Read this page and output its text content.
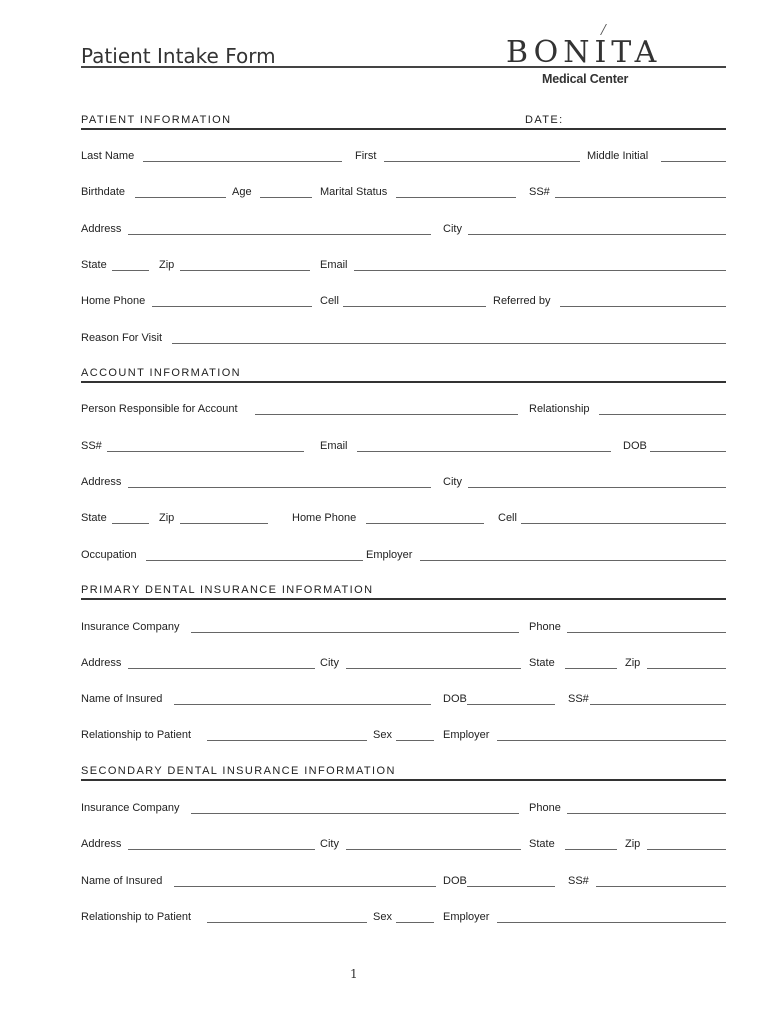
Patient Intake Form	BONITA
Medical Center
PATIENT INFORMATION	DATE:
Last Name	First	Middle Initial
Birthdate	Age	Marital Status	SS#
Address	City
State	Zip	Email
Home Phone	Cell	Referred by
Reason For Visit
ACCOUNT INFORMATION
Person Responsible for Account	Relationship
SS#	Email	DOB
Address	City
State	Zip	Home Phone	Cell
Occupation	Employer
PRIMARY DENTAL INSURANCE INFORMATION
Insurance Company	Phone
Address	City	State	Zip
Name of Insured	DOB	SS#
Relationship to Patient	Sex	Employer
SECONDARY DENTAL INSURANCE INFORMATION
Insurance Company	Phone
Address	City	State	Zip
Name of Insured	DOB	SS#
Relationship to Patient	Sex	Employer
1
